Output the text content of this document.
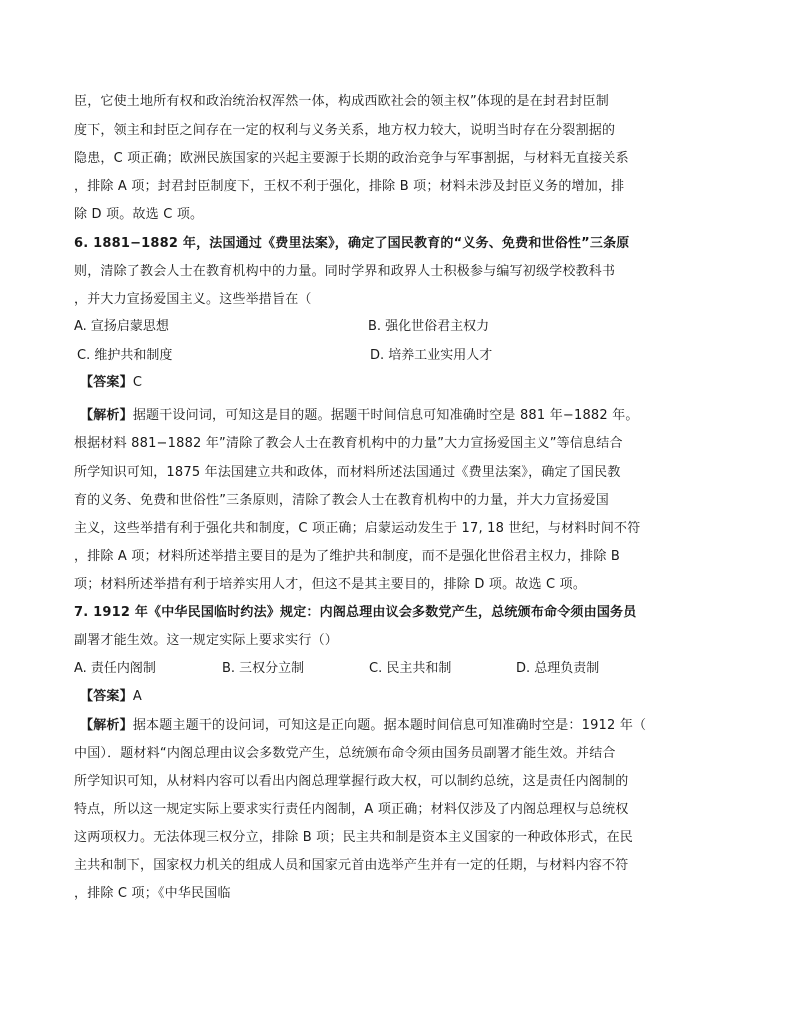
臣，它使土地所有权和政治统治权浑然一体，构成西欧社会的领主权”体现的是在封君封臣制
度下，领主和封臣之间存在一定的权利与义务关系，地方权力较大，说明当时存在分裂割据的
隐患，C 项正确；欧洲民族国家的兴起主要源于长期的政治竞争与军事割据，与材料无直接关系
，排除 A 项；封君封臣制度下，王权不利于强化，排除 B 项；材料未涉及封臣义务的增加，排
除 D 项。故选 C 项。
6. 1881−1882 年，法国通过《费里法案》，确定了国民教育的“义务、免费和世俗性”三条原
则，清除了教会人士在教育机构中的力量。同时学界和政界人士积极参与编写初级学校教科书
，并大力宣扬爱国主义。这些举措旨在（
A. 宣扬启蒙思想	B. 强化世俗君主权力
C. 维护共和制度	D. 培养工业实用人才
【答案】C
【解析】据题干设问词，可知这是目的题。据题干时间信息可知准确时空是 881 年−1882 年。
根据材料 881−1882 年”清除了教会人士在教育机构中的力量”大力宣扬爱国主义”等信息结合
所学知识可知，1875 年法国建立共和政体，而材料所述法国通过《费里法案》，确定了国民教
育的义务、免费和世俗性”三条原则，清除了教会人士在教育机构中的力量，并大力宣扬爱国
主义，这些举措有利于强化共和制度，C 项正确；启蒙运动发生于 17, 18 世纪，与材料时间不符
，排除 A 项；材料所述举措主要目的是为了维护共和制度，而不是强化世俗君主权力，排除 B
项；材料所述举措有利于培养实用人才，但这不是其主要目的，排除 D 项。故选 C 项。
7. 1912 年《中华民国临时约法》规定：内阁总理由议会多数党产生，总统颁布命令须由国务员
副署才能生效。这一规定实际上要求实行（）
A. 责任内阁制	B. 三权分立制	C. 民主共和制	D. 总理负责制
【答案】A
【解析】据本题主题干的设问词，可知这是正向题。据本题时间信息可知准确时空是：1912 年（
中国）．题材料“内阁总理由议会多数党产生，总统颁布命令须由国务员副署才能生效。并结合
所学知识可知，从材料内容可以看出内阁总理掌握行政大权，可以制约总统，这是责任内阁制的
特点，所以这一规定实际上要求实行责任内阁制，A 项正确；材料仅涉及了内阁总理权与总统权
这两项权力。无法体现三权分立，排除 B 项；民主共和制是资本主义国家的一种政体形式，在民
主共和制下，国家权力机关的组成人员和国家元首由选举产生并有一定的任期，与材料内容不符
，排除 C 项；《中华民国临
